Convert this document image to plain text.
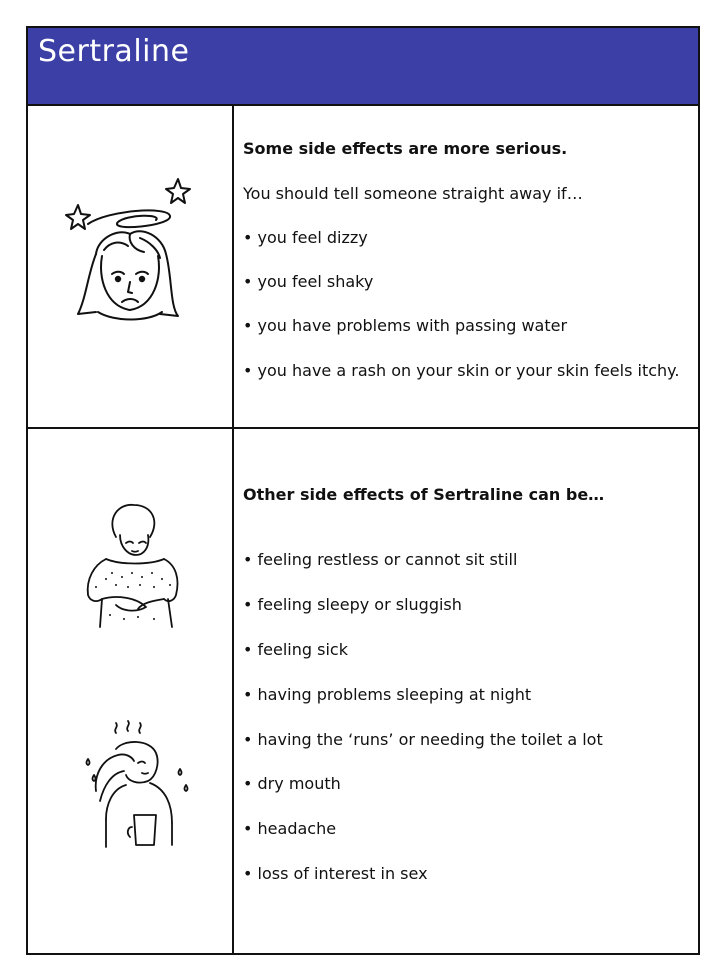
Sertraline

Some side effects are more serious.

You should tell someone straight away if…

• you feel dizzy

• you feel shaky

• you have problems with passing water

• you have a rash on your skin or your skin feels itchy.

Other side effects of Sertraline can be…

• feeling restless or cannot sit still

• feeling sleepy or sluggish

• feeling sick

• having problems sleeping at night

• having the ‘runs’ or needing the toilet a lot

• dry mouth

• headache

• loss of interest in sex
